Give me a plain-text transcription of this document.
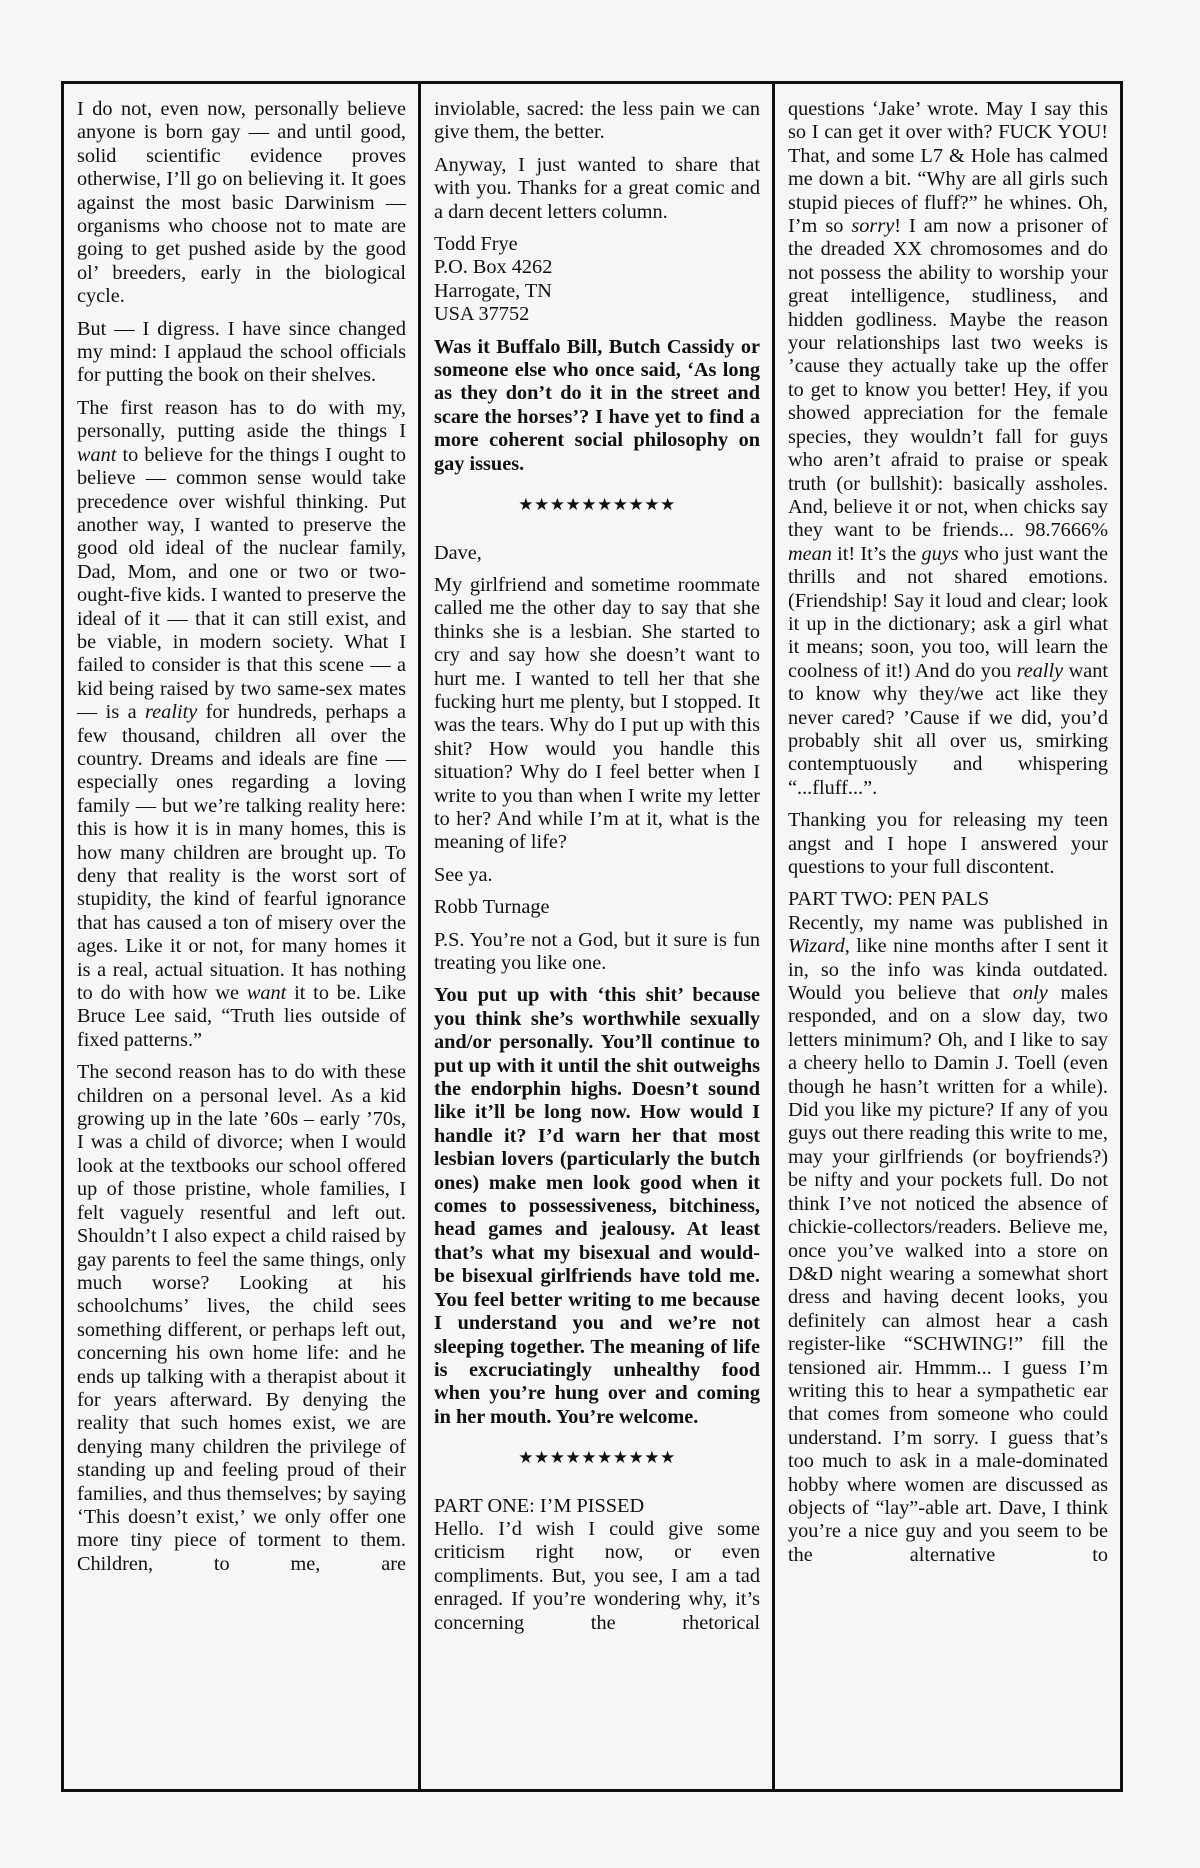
I do not, even now, personally believe anyone is born gay — and until good, solid scientific evidence proves otherwise, I’ll go on believing it. It goes against the most basic Darwinism — organisms who choose not to mate are going to get pushed aside by the good ol’ breeders, early in the biological cycle.
But — I digress. I have since changed my mind: I applaud the school officials for putting the book on their shelves.
The first reason has to do with my, personally, putting aside the things I want to believe for the things I ought to believe — common sense would take precedence over wishful thinking. Put another way, I wanted to preserve the good old ideal of the nuclear family, Dad, Mom, and one or two or two-ought-five kids. I wanted to preserve the ideal of it — that it can still exist, and be viable, in modern society. What I failed to consider is that this scene — a kid being raised by two same-sex mates — is a reality for hundreds, perhaps a few thousand, children all over the country. Dreams and ideals are fine — especially ones regarding a loving family — but we’re talking reality here: this is how it is in many homes, this is how many children are brought up. To deny that reality is the worst sort of stupidity, the kind of fearful ignorance that has caused a ton of misery over the ages. Like it or not, for many homes it is a real, actual situation. It has nothing to do with how we want it to be. Like Bruce Lee said, “Truth lies outside of fixed patterns.”
The second reason has to do with these children on a personal level. As a kid growing up in the late ’60s – early ’70s, I was a child of divorce; when I would look at the textbooks our school offered up of those pristine, whole families, I felt vaguely resentful and left out. Shouldn’t I also expect a child raised by gay parents to feel the same things, only much worse? Looking at his schoolchums’ lives, the child sees something different, or perhaps left out, concerning his own home life: and he ends up talking with a therapist about it for years afterward. By denying the reality that such homes exist, we are denying many children the privilege of standing up and feeling proud of their families, and thus themselves; by saying ‘This doesn’t exist,’ we only offer one more tiny piece of torment to them. Children, to me, are
inviolable, sacred: the less pain we can give them, the better.
Anyway, I just wanted to share that with you. Thanks for a great comic and a darn decent letters column.
Todd Frye
P.O. Box 4262
Harrogate, TN
USA 37752
Was it Buffalo Bill, Butch Cassidy or someone else who once said, ‘As long as they don’t do it in the street and scare the horses’? I have yet to find a more coherent social philosophy on gay issues.
★★★★★★★★★★
Dave,
My girlfriend and sometime roommate called me the other day to say that she thinks she is a lesbian. She started to cry and say how she doesn’t want to hurt me. I wanted to tell her that she fucking hurt me plenty, but I stopped. It was the tears. Why do I put up with this shit? How would you handle this situation? Why do I feel better when I write to you than when I write my letter to her? And while I’m at it, what is the meaning of life?
See ya.
Robb Turnage
P.S. You’re not a God, but it sure is fun treating you like one.
You put up with ‘this shit’ because you think she’s worthwhile sexually and/or personally. You’ll continue to put up with it until the shit outweighs the endorphin highs. Doesn’t sound like it’ll be long now. How would I handle it? I’d warn her that most lesbian lovers (particularly the butch ones) make men look good when it comes to possessiveness, bitchiness, head games and jealousy. At least that’s what my bisexual and would-be bisexual girlfriends have told me. You feel better writing to me because I understand you and we’re not sleeping together. The meaning of life is excruciatingly unhealthy food when you’re hung over and coming in her mouth. You’re welcome.
★★★★★★★★★★
PART ONE: I’M PISSED
Hello. I’d wish I could give some criticism right now, or even compliments. But, you see, I am a tad enraged. If you’re wondering why, it’s concerning the rhetorical
questions ‘Jake’ wrote. May I say this so I can get it over with? FUCK YOU! That, and some L7 & Hole has calmed me down a bit. “Why are all girls such stupid pieces of fluff?” he whines. Oh, I’m so sorry! I am now a prisoner of the dreaded XX chromosomes and do not possess the ability to worship your great intelligence, studliness, and hidden godliness. Maybe the reason your relationships last two weeks is ’cause they actually take up the offer to get to know you better! Hey, if you showed appreciation for the female species, they wouldn’t fall for guys who aren’t afraid to praise or speak truth (or bullshit): basically assholes. And, believe it or not, when chicks say they want to be friends... 98.7666% mean it! It’s the guys who just want the thrills and not shared emotions. (Friendship! Say it loud and clear; look it up in the dictionary; ask a girl what it means; soon, you too, will learn the coolness of it!) And do you really want to know why they/we act like they never cared? ’Cause if we did, you’d probably shit all over us, smirking contemptuously and whispering “...fluff...”.
Thanking you for releasing my teen angst and I hope I answered your questions to your full discontent.
PART TWO: PEN PALS
Recently, my name was published in Wizard, like nine months after I sent it in, so the info was kinda outdated. Would you believe that only males responded, and on a slow day, two letters minimum? Oh, and I like to say a cheery hello to Damin J. Toell (even though he hasn’t written for a while). Did you like my picture? If any of you guys out there reading this write to me, may your girlfriends (or boyfriends?) be nifty and your pockets full. Do not think I’ve not noticed the absence of chickie-collectors/readers. Believe me, once you’ve walked into a store on D&D night wearing a somewhat short dress and having decent looks, you definitely can almost hear a cash register-like “SCHWING!” fill the tensioned air. Hmmm... I guess I’m writing this to hear a sympathetic ear that comes from someone who could understand. I’m sorry. I guess that’s too much to ask in a male-dominated hobby where women are discussed as objects of “lay”-able art. Dave, I think you’re a nice guy and you seem to be the alternative to
